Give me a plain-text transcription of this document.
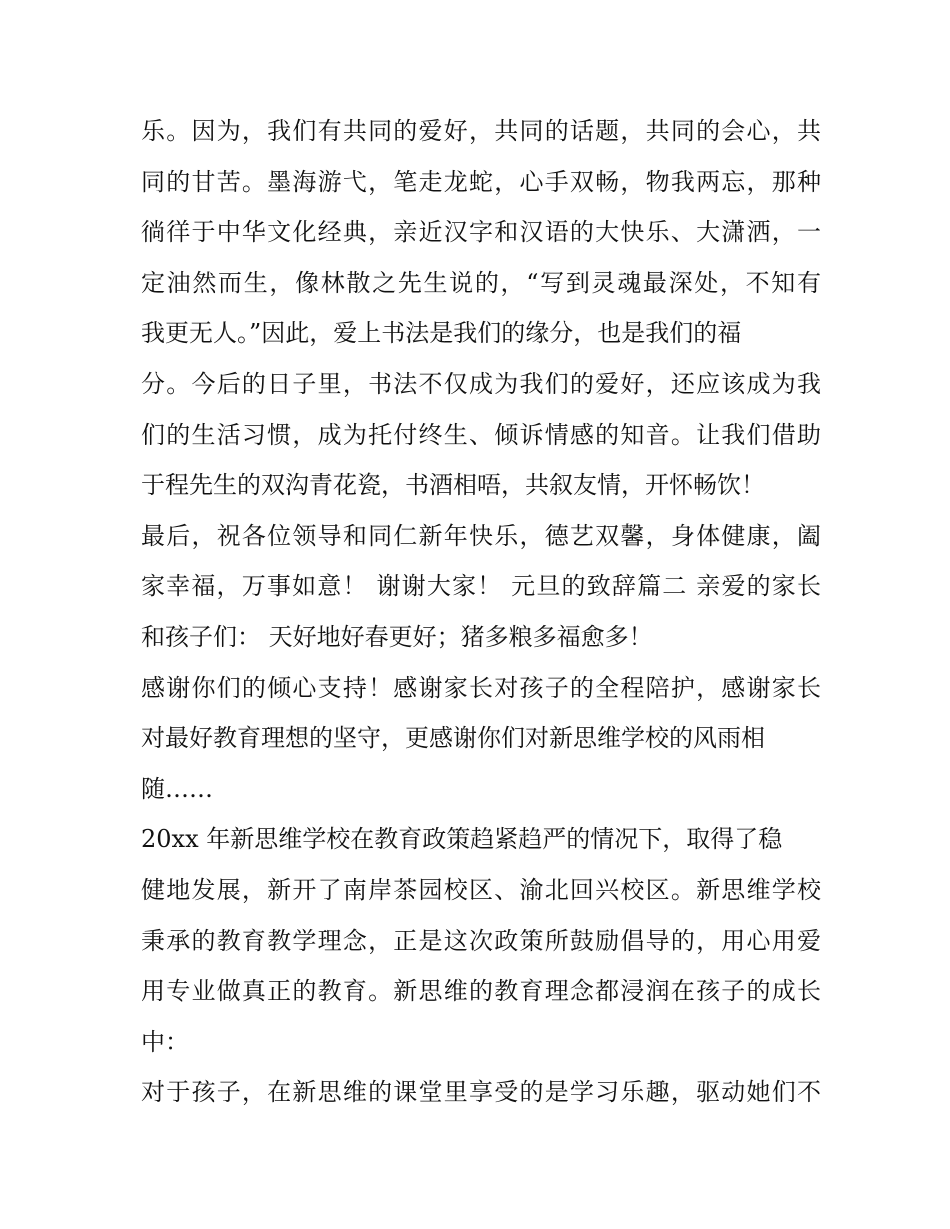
乐。因为，我们有共同的爱好，共同的话题，共同的会心，共
同的甘苦。墨海游弋，笔走龙蛇，心手双畅，物我两忘，那种
徜徉于中华文化经典，亲近汉字和汉语的大快乐、大潇洒，一
定油然而生，像林散之先生说的，“写到灵魂最深处，不知有
我更无人。”因此，爱上书法是我们的缘分，也是我们的福
分。今后的日子里，书法不仅成为我们的爱好，还应该成为我
们的生活习惯，成为托付终生、倾诉情感的知音。让我们借助
于程先生的双沟青花瓷，书酒相唔，共叙友情，开怀畅饮！
最后，祝各位领导和同仁新年快乐，德艺双馨，身体健康，阖
家幸福，万事如意！ 谢谢大家！ 元旦的致辞篇二 亲爱的家长
和孩子们： 天好地好春更好；猪多粮多福愈多！
感谢你们的倾心支持！感谢家长对孩子的全程陪护，感谢家长
对最好教育理想的坚守，更感谢你们对新思维学校的风雨相
随……
20xx 年新思维学校在教育政策趋紧趋严的情况下，取得了稳
健地发展，新开了南岸茶园校区、渝北回兴校区。新思维学校
秉承的教育教学理念，正是这次政策所鼓励倡导的，用心用爱
用专业做真正的教育。新思维的教育理念都浸润在孩子的成长
中：
对于孩子，在新思维的课堂里享受的是学习乐趣，驱动她们不
